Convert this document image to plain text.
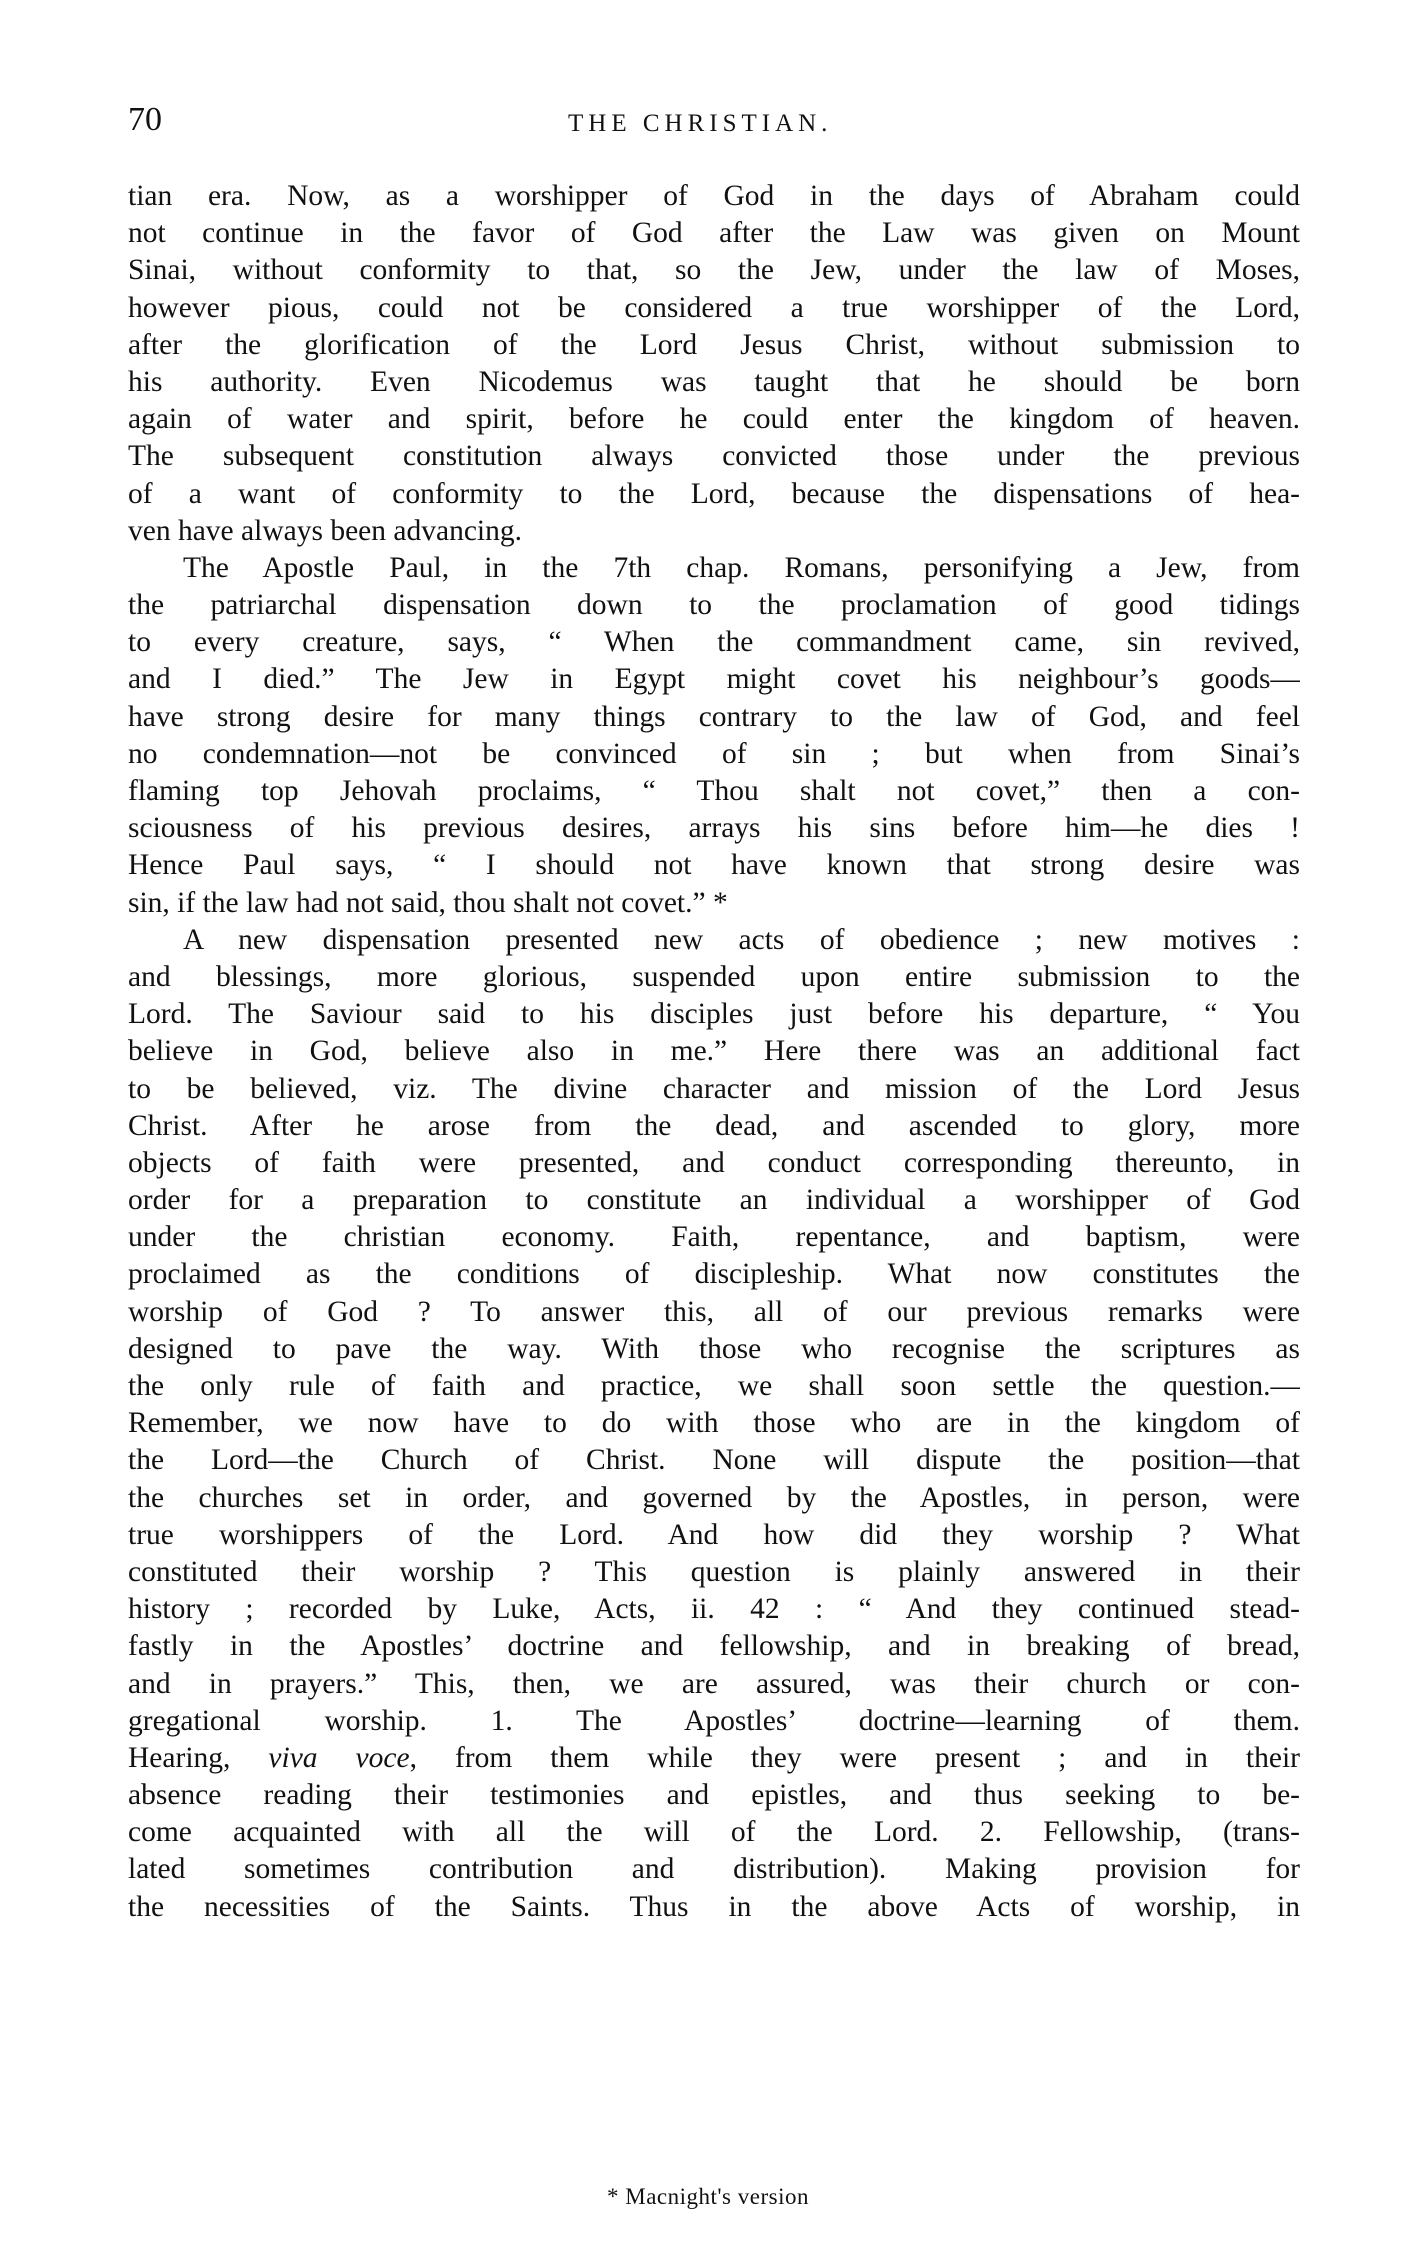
70	THE CHRISTIAN.
tian era. Now, as a worshipper of God in the days of Abraham could
not continue in the favor of God after the Law was given on Mount
Sinai, without conformity to that, so the Jew, under the law of Moses,
however pious, could not be considered a true worshipper of the Lord,
after the glorification of the Lord Jesus Christ, without submission to
his authority. Even Nicodemus was taught that he should be born
again of water and spirit, before he could enter the kingdom of heaven.
The subsequent constitution always convicted those under the previous
of a want of conformity to the Lord, because the dispensations of hea-
ven have always been advancing.
The Apostle Paul, in the 7th chap. Romans, personifying a Jew, from
the patriarchal dispensation down to the proclamation of good tidings
to every creature, says, “ When the commandment came, sin revived,
and I died.” The Jew in Egypt might covet his neighbour’s goods—
have strong desire for many things contrary to the law of God, and feel
no condemnation—not be convinced of sin ; but when from Sinai’s
flaming top Jehovah proclaims, “ Thou shalt not covet,” then a con-
sciousness of his previous desires, arrays his sins before him—he dies !
Hence Paul says, “ I should not have known that strong desire was
sin, if the law had not said, thou shalt not covet.” *
A new dispensation presented new acts of obedience ; new motives :
and blessings, more glorious, suspended upon entire submission to the
Lord. The Saviour said to his disciples just before his departure, “ You
believe in God, believe also in me.” Here there was an additional fact
to be believed, viz. The divine character and mission of the Lord Jesus
Christ. After he arose from the dead, and ascended to glory, more
objects of faith were presented, and conduct corresponding thereunto, in
order for a preparation to constitute an individual a worshipper of God
under the christian economy. Faith, repentance, and baptism, were
proclaimed as the conditions of discipleship. What now constitutes the
worship of God ? To answer this, all of our previous remarks were
designed to pave the way. With those who recognise the scriptures as
the only rule of faith and practice, we shall soon settle the question.—
Remember, we now have to do with those who are in the kingdom of
the Lord—the Church of Christ. None will dispute the position—that
the churches set in order, and governed by the Apostles, in person, were
true worshippers of the Lord. And how did they worship ? What
constituted their worship ? This question is plainly answered in their
history ; recorded by Luke, Acts, ii. 42 : “ And they continued stead-
fastly in the Apostles’ doctrine and fellowship, and in breaking of bread,
and in prayers.” This, then, we are assured, was their church or con-
gregational worship. 1. The Apostles’ doctrine—learning of them.
Hearing, viva voce, from them while they were present ; and in their
absence reading their testimonies and epistles, and thus seeking to be-
come acquainted with all the will of the Lord. 2. Fellowship, (trans-
lated sometimes contribution and distribution). Making provision for
the necessities of the Saints. Thus in the above Acts of worship, in
* Macnight's version
